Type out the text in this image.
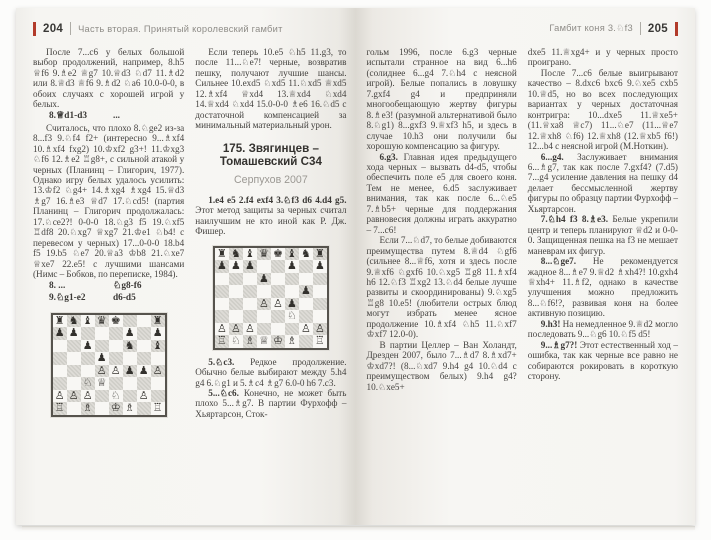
204 Часть вторая. Принятый королевский гамбит

После 7...c6 у белых большой выбор продолжений, например, 8.h5 ♕f6 9.♗e2 ♕g7 10.♕d3 ♘d7 11.♗d2 или 8.♕d3 ♕f6 9.♗d2 ♘a6 10.0-0-0, в обоих случаях с хорошей игрой у белых.

8.♕d1-d3	...

Считалось, что плохо 8.♘ge2 из-за 8...f3 9.♘f4 f2+ (интересно 9...♗xf4 10.♗xf4 fxg2) 10.♔xf2 g3+! 11.♔xg3 ♘f6 12.♗e2 ♖g8+, с сильной атакой у черных (Планинц – Глигорич, 1977). Однако игру белых удалось усилить: 13.♔f2 ♘g4+ 14.♗xg4 ♗xg4 15.♕d3 ♗g7 16.♗e3 ♕d7 17.♘cd5! (партия Планинц – Глигорич продолжалась: 17.♘ce2?! 0-0-0 18.♘g3 f5 19.♘xf5 ♖df8 20.♘xg7 ♕xg7 21.♔e1 ♘b4! с перевесом у черных) 17...0-0-0 18.b4 f5 19.b5 ♘e7 20.♕a3 ♔b8 21.♘xe7 ♕xe7 22.e5! с лучшими шансами (Нимс – Бобков, по переписке, 1984).

8. ...	♘g8-f6
9.♘g1-e2	d6-d5
♜ ♞ ♝ ♛ ♚	♜
♟ ♟	♟ ♟
♟	♞ ♝
♟
♙ ♙ ♟ ♟ ♙
♘ ♕
♙ ♙ ♙ ♘ ♙
♖ ♗ ♔ ♗ ♖

Если теперь 10.e5 ♘h5 11.g3, то после 11...♘e7! черные, возвратив пешку, получают лучшие шансы. Сильнее 10.exd5 ♘xd5 11.♘xd5 ♕xd5 12.♗xf4 ♕xd4 13.♕xd4 ♘xd4 14.♕xd4 ♘xd4 15.0-0-0 ♗e6 16.♘d5 с достаточной компенсацией за минимальный материальный урон.

175. Звягинцев –
Томашевский C34
Серпухов 2007

1.e4 e5 2.f4 exf4 3.♘f3 d6 4.d4 g5. Этот метод защиты за черных считал наилучшим не кто иной как Р. Дж. Фишер.

♜ ♞ ♝ ♛ ♚ ♝ ♞ ♜
♟ ♟ ♟	♟ ♟
♟
♟
♙ ♙ ♟
♘
♙ ♙ ♙	♙ ♙
♖ ♘ ♗ ♕ ♔ ♗ ♖

5.♘c3. Редкое продолжение. Обычно белые выбирают между 5.h4 g4 6.♘g1 и 5.♗c4 ♗g7 6.0-0 h6 7.c3.

5...♘c6. Конечно, не может быть плохо 5...♗g7. В партии Фурхофф – Хьяртарсон, Сток-

Гамбит коня 3.♘f3 205

гольм 1996, после 6.g3 черные испытали странное на вид 6...h6 (солиднее 6...g4 7.♘h4 с неясной игрой). Белые попались в ловушку 7.gxf4 g4 и предприняли многообещающую жертву фигуры 8.♗e3! (разумной альтернативой было 8.♘g1) 8...gxf3 9.♕xf3 h5, и здесь в случае 10.h3 они получили бы хорошую компенсацию за фигуру.

6.g3. Главная идея предыдущего хода черных – вызвать d4-d5, чтобы обеспечить поле e5 для своего коня. Тем не менее, 6.d5 заслуживает внимания, так как после 6...♘e5 7.♗b5+ черные для поддержания равновесия должны играть аккуратно – 7...c6!

Если 7...♘d7, то белые добиваются преимущества путем 8.♕d4 ♘gf6 (сильнее 8...♕f6, хотя и здесь после 9.♕xf6 ♘gxf6 10.♘xg5 ♖g8 11.♗xf4 h6 12.♘f3 ♖xg2 13.♘d4 белые лучше развиты и скоординированы) 9.♘xg5 ♖g8 10.e5! (любители острых блюд могут избрать менее ясное продолжение 10.♗xf4 ♘h5 11.♘xf7 ♔xf7 12.0-0).

В партии Целлер – Ван Холандт, Дрезден 2007, было 7...♗d7 8.♗xd7+ ♔xd7?! (8...♘xd7 9.h4 g4 10.♘d4 с преимуществом белых) 9.h4 g4? 10.♘xe5+

dxe5 11.♕xg4+ и у черных просто проиграно.

После 7...c6 белые выигрывают качество – 8.dxc6 bxc6 9.♘xe5 cxb5 10.♕d5, но во всех последующих вариантах у черных достаточная контригра: 10...dxe5 11.♕xe5+ (11.♕xa8 ♕c7) 11...♘e7 (11...♕e7 12.♕xh8 ♘f6) 12.♕xh8 (12.♕xb5 f6!) 12...b4 с неясной игрой (М.Ноткин).

6...g4. Заслуживает внимания 6...♗g7, так как после 7.gxf4? (7.d5) 7...g4 усиление давления на пешку d4 делает бессмысленной жертву фигуры по образцу партии Фурхофф – Хьяртарсон.

7.♘h4 f3 8.♗e3. Белые укрепили центр и теперь планируют ♕d2 и 0-0-0. Защищенная пешка на f3 не мешает маневрам их фигур.

8...♘ge7. Не рекомендуется жадное 8...♗e7 9.♕d2 ♗xh4?! 10.gxh4 ♕xh4+ 11.♗f2, однако в качестве улучшения можно предложить 8...♘f6!?, развивая коня на более активную позицию.

9.h3! На немедленное 9.♕d2 могло последовать 9...♘g6 10.♘f5 d5!

9...♗g7?! Этот естественный ход – ошибка, так как черные все равно не собираются рокировать в короткую сторону.
